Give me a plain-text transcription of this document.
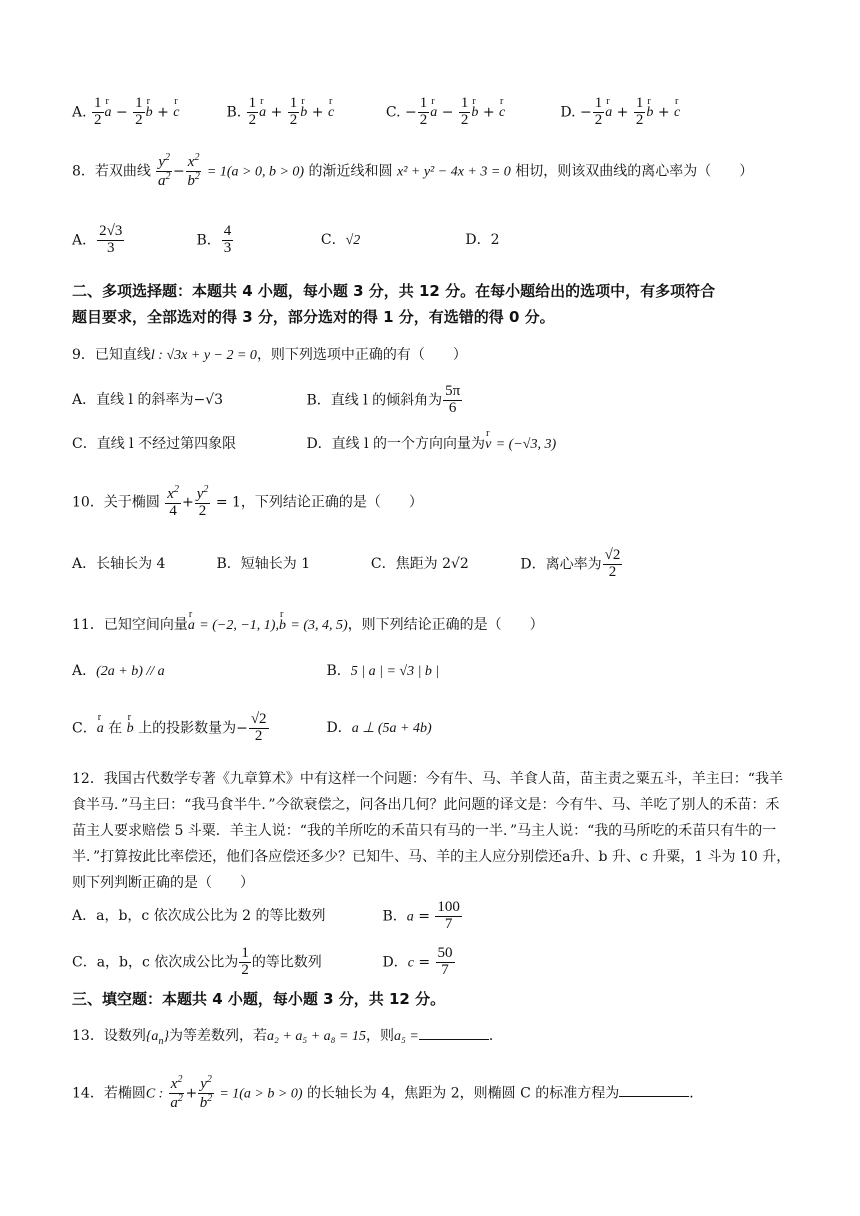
A. $\frac{1}{2}$ r $a - \frac{1}{2}$ r b + r c	B. $\frac{1}{2}$ r $a + \frac{1}{2}$ r b + r c	C. − $\frac{1}{2}$ r $a - \frac{1}{2}$ r b + r c	D. − $\frac{1}{2}$ r $a + \frac{1}{2}$ r b + r c
8．若双曲线 $\frac{y^2}{a^2} - \frac{x^2}{b^2} = 1(a > 0$, b > 0) 的渐近线和圆 x² + y² − 4x + 3 = 0 相切，则该双曲线的离心率为（　　）
A． $\frac{2√3}{3}$	B． $\frac{4}{3}$	C．√2	D．2
二、多项选择题：本题共 4 小题，每小题 3 分，共 12 分。在每小题给出的选项中，有多项符合
题目要求，全部选对的得 3 分，部分选对的得 1 分，有选错的得 0 分。
9．已知直线l : √3x + y − 2 = 0，则下列选项中正确的有（　　）
A．直线 l 的斜率为−√3	B．直线 l 的倾斜角为 $\frac{5\pi}{6}$
C．直线 l 不经过第四象限	D．直线 l 的一个方向向量为r v = (−√3, 3)
10．关于椭圆 $\frac{x^2}{4} + \frac{y^2}{2} = 1$，下列结论正确的是（　　）
A．长轴长为 4	B．短轴长为 1	C．焦距为 2√2	D．离心率为 $\frac{√2}{2}$
11．已知空间向量r a = (−2, −1, 1),r b = (3, 4, 5)，则下列结论正确的是（　　）
A．(2a + b) // a	B．5 | a | = √3 | b |
C．r a 在 r b 上的投影数量为− $\frac{√2}{2}$	D．a ⊥ (5a + 4b)
12．我国古代数学专著《九章算术》中有这样一个问题：今有牛、马、羊食人苗，苗主责之粟五斗，羊主曰：“我羊食半马．”马主曰：“我马食半牛．”今欲衰偿之，问各出几何？此问题的译文是：今有牛、马、羊吃了别人的禾苗：禾苗主人要求赔偿 5 斗粟．羊主人说：“我的羊所吃的禾苗只有马的一半．”马主人说：“我的马所吃的禾苗只有牛的一半．”打算按此比率偿还，他们各应偿还多少？已知牛、马、羊的主人应分别偿还a升、b 升、c 升粟，1 斗为 10 升，则下列判断正确的是（　　）
A．a，b，c 依次成公比为 2 的等比数列	B．$a = \frac{100}{7}$
C．a，b，c 依次成公比为 $\frac{1}{2}$ 的等比数列	D．$c = \frac{50}{7}$
三、填空题：本题共 4 小题，每小题 3 分，共 12 分。
13．设数列$\{a_n\}$为等差数列，若a₂ + a₅ + a₈ = 15，则a₅ =	．
14．若椭圆C : $\frac{x^2}{a^2} + \frac{y^2}{b^2} = 1(a > b > 0)$ 的长轴长为 4，焦距为 2，则椭圆 C 的标准方程为	．
